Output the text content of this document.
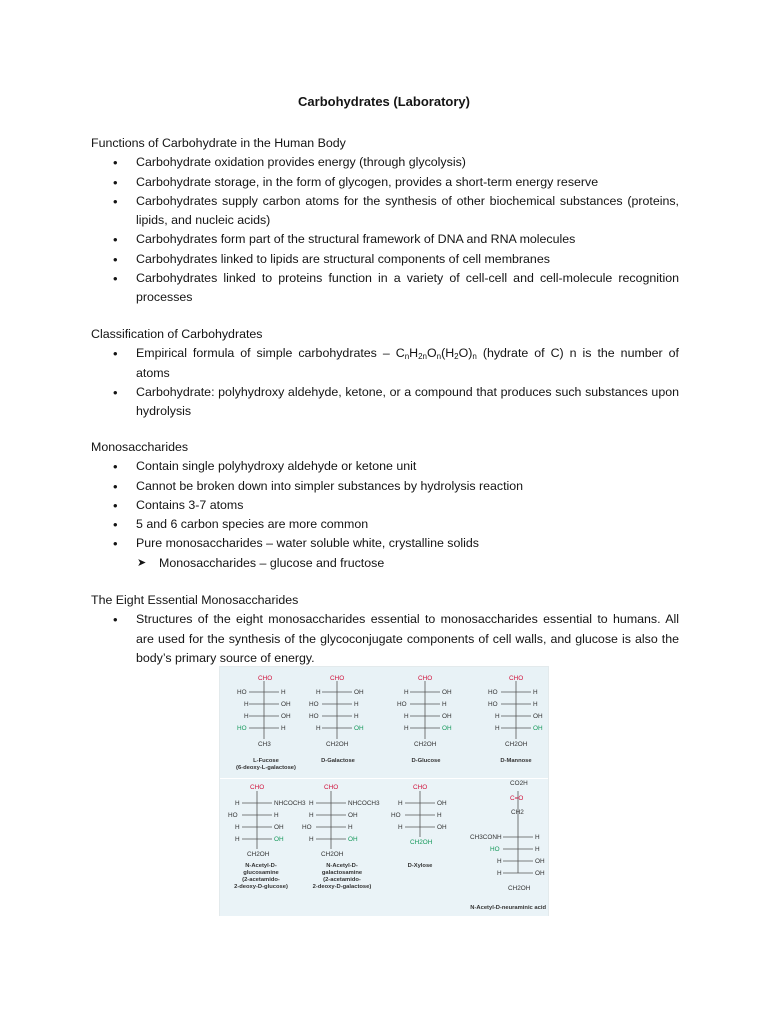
Carbohydrates (Laboratory)

Functions of Carbohydrate in the Human Body

• Carbohydrate oxidation provides energy (through glycolysis)
• Carbohydrate storage, in the form of glycogen, provides a short-term energy reserve
• Carbohydrates supply carbon atoms for the synthesis of other biochemical substances (proteins, lipids, and nucleic acids)
• Carbohydrates form part of the structural framework of DNA and RNA molecules
• Carbohydrates linked to lipids are structural components of cell membranes
• Carbohydrates linked to proteins function in a variety of cell-cell and cell-molecule recognition processes

Classification of Carbohydrates

• Empirical formula of simple carbohydrates – $C_nH_{2n}O_n(H_2O)_n$ (hydrate of C) n is the number of atoms
• Carbohydrate: polyhydroxy aldehyde, ketone, or a compound that produces such substances upon hydrolysis

Monosaccharides

• Contain single polyhydroxy aldehyde or ketone unit
• Cannot be broken down into simpler substances by hydrolysis reaction
• Contains 3-7 atoms
• 5 and 6 carbon species are more common
• Pure monosaccharides – water soluble white, crystalline solids
➤ Monosaccharides – glucose and fructose

The Eight Essential Monosaccharides

• Structures of the eight monosaccharides essential to monosaccharides essential to humans. All are used for the synthesis of the glycoconjugate components of cell walls, and glucose is also the body’s primary source of energy.
CHO
HO	H
H	OH
H	OH
HO	H
CH3
CHO
H	OH
HO	H
HO	H
H	OH
CH2OH
CHO
H	OH
HO	H
H	OH
H	OH
CH2OH
CHO
HO	H
HO	H
H	OH
H	OH
CH2OH
L-Fucose
(6-deoxy-L-galactose)
D-Galactose	D-Glucose	D-Mannose
CHO
H	NHCOCH3
HO	H
H	OH
H	OH
CH2OH
CHO
H	NHCOCH3
H	OH
HO	H
H	OH
CH2OH
CHO
H	OH
HO	H
H	OH
CH2OH
CO2H
C=O
CH2
CH3CONH	H
HO	H
H	OH
H	OH
CH2OH
N-Acetyl-D-
glucosamine
(2-acetamido-
2-deoxy-D-glucose)
N-Acetyl-D-
galactosamine
(2-acetamido-
2-deoxy-D-galactose)
D-Xylose
N-Acetyl-D-neuraminic acid
